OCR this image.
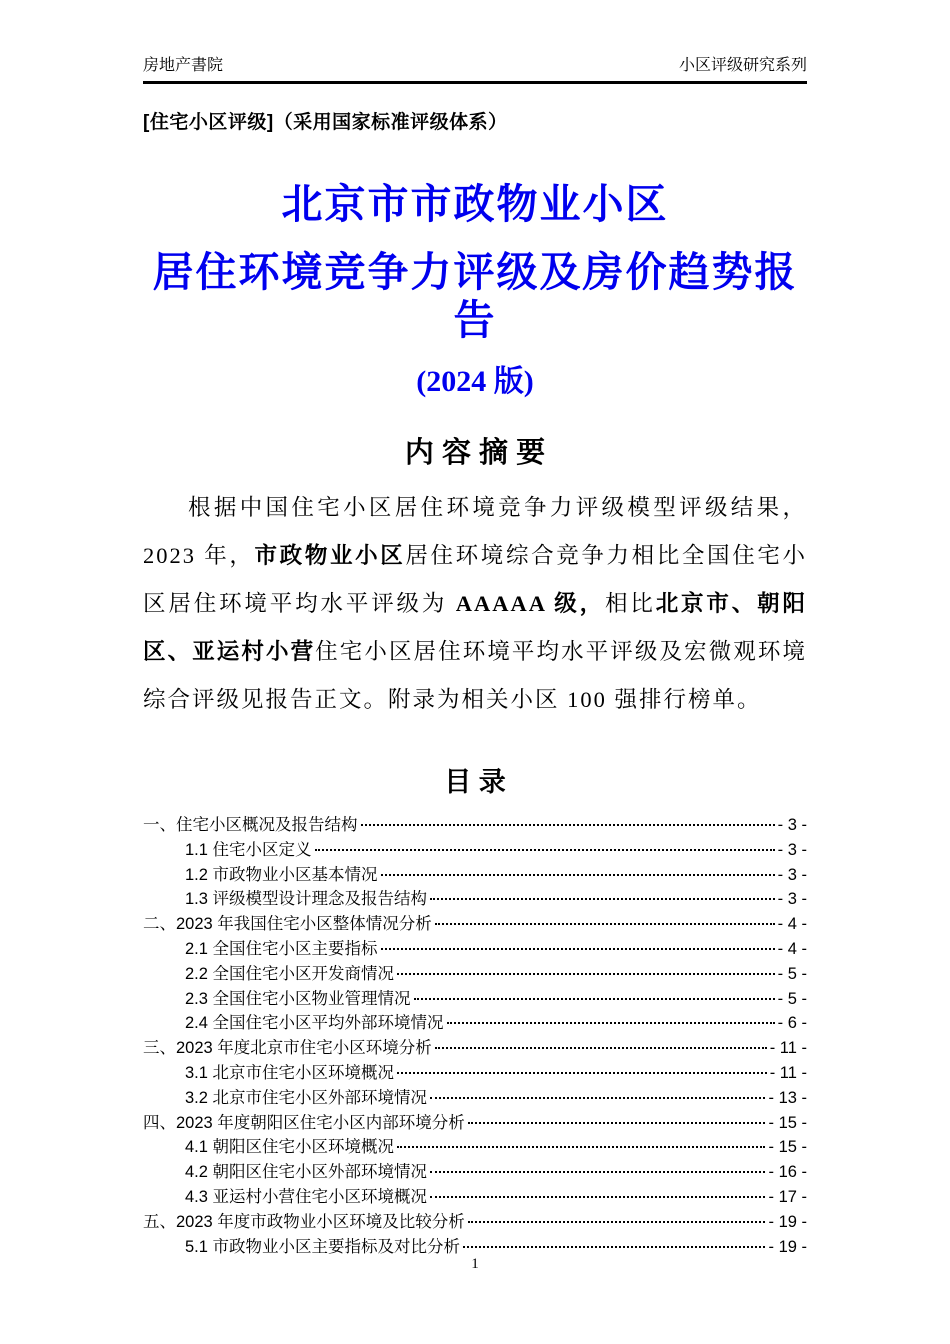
房地产書院	小区评级研究系列
[住宅小区评级]（采用国家标准评级体系）
北京市市政物业小区
居住环境竞争力评级及房价趋势报告
(2024 版)
内 容 摘 要

根据中国住宅小区居住环境竞争力评级模型评级结果，2023 年，市政物业小区居住环境综合竞争力相比全国住宅小区居住环境平均水平评级为 AAAAA 级，相比北京市、朝阳区、亚运村小营住宅小区居住环境平均水平评级及宏微观环境综合评级见报告正文。附录为相关小区 100 强排行榜单。

目 录
一、住宅小区概况及报告结构	- 3 -
1.1 住宅小区定义	- 3 -
1.2 市政物业小区基本情况	- 3 -
1.3 评级模型设计理念及报告结构	- 3 -
二、2023 年我国住宅小区整体情况分析	- 4 -
2.1 全国住宅小区主要指标	- 4 -
2.2 全国住宅小区开发商情况	- 5 -
2.3 全国住宅小区物业管理情况	- 5 -
2.4 全国住宅小区平均外部环境情况	- 6 -
三、2023 年度北京市住宅小区环境分析	- 11 -
3.1 北京市住宅小区环境概况	- 11 -
3.2 北京市住宅小区外部环境情况	- 13 -
四、2023 年度朝阳区住宅小区内部环境分析	- 15 -
4.1 朝阳区住宅小区环境概况	- 15 -
4.2 朝阳区住宅小区外部环境情况	- 16 -
4.3 亚运村小营住宅小区环境概况	- 17 -
五、2023 年度市政物业小区环境及比较分析	- 19 -
5.1 市政物业小区主要指标及对比分析	- 19 -
1
